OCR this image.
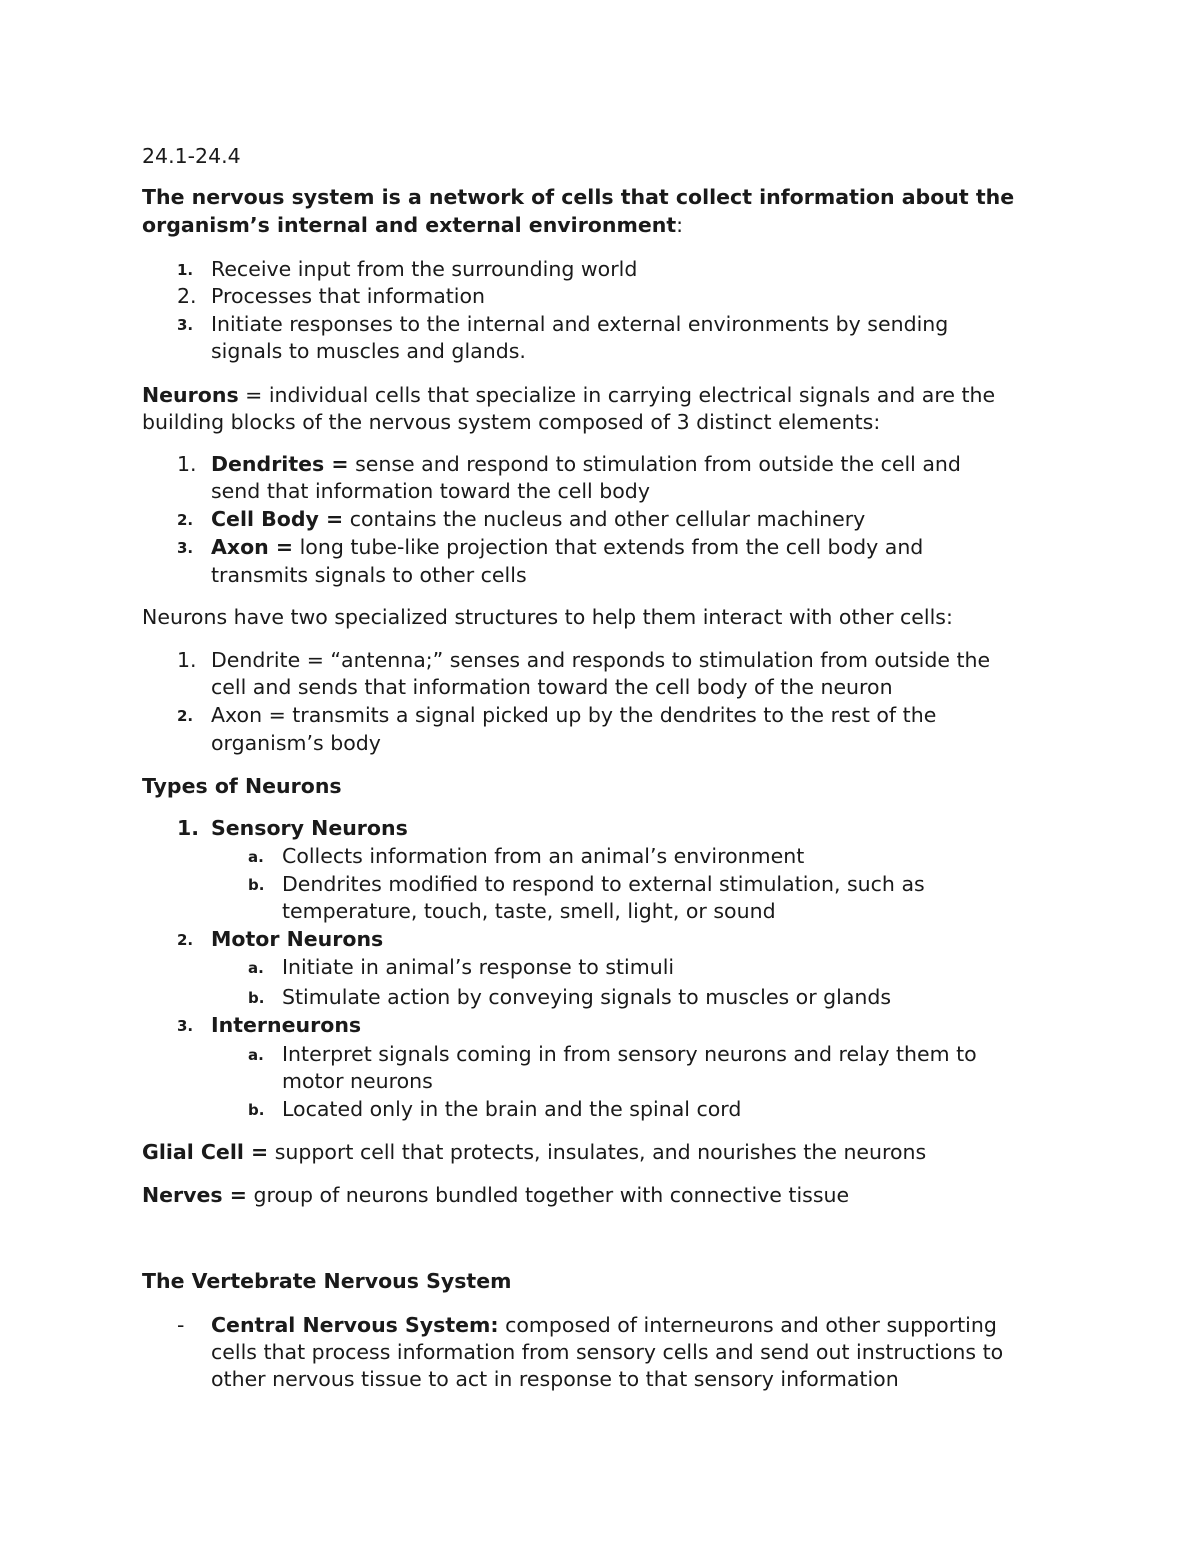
24.1-24.4
The nervous system is a network of cells that collect information about the
organism’s internal and external environment:
1. Receive input from the surrounding world
2. Processes that information
3. Initiate responses to the internal and external environments by sending
signals to muscles and glands.
Neurons = individual cells that specialize in carrying electrical signals and are the
building blocks of the nervous system composed of 3 distinct elements:
1. Dendrites = sense and respond to stimulation from outside the cell and
send that information toward the cell body
2. Cell Body = contains the nucleus and other cellular machinery
3. Axon = long tube-like projection that extends from the cell body and
transmits signals to other cells
Neurons have two specialized structures to help them interact with other cells:
1. Dendrite = “antenna;” senses and responds to stimulation from outside the
cell and sends that information toward the cell body of the neuron
2. Axon = transmits a signal picked up by the dendrites to the rest of the
organism’s body
Types of Neurons
1. Sensory Neurons
a. Collects information from an animal’s environment
b. Dendrites modified to respond to external stimulation, such as
temperature, touch, taste, smell, light, or sound
2. Motor Neurons
a. Initiate in animal’s response to stimuli
b. Stimulate action by conveying signals to muscles or glands
3. Interneurons
a. Interpret signals coming in from sensory neurons and relay them to
motor neurons
b. Located only in the brain and the spinal cord
Glial Cell = support cell that protects, insulates, and nourishes the neurons
Nerves = group of neurons bundled together with connective tissue
The Vertebrate Nervous System
- Central Nervous System: composed of interneurons and other supporting
cells that process information from sensory cells and send out instructions to
other nervous tissue to act in response to that sensory information
